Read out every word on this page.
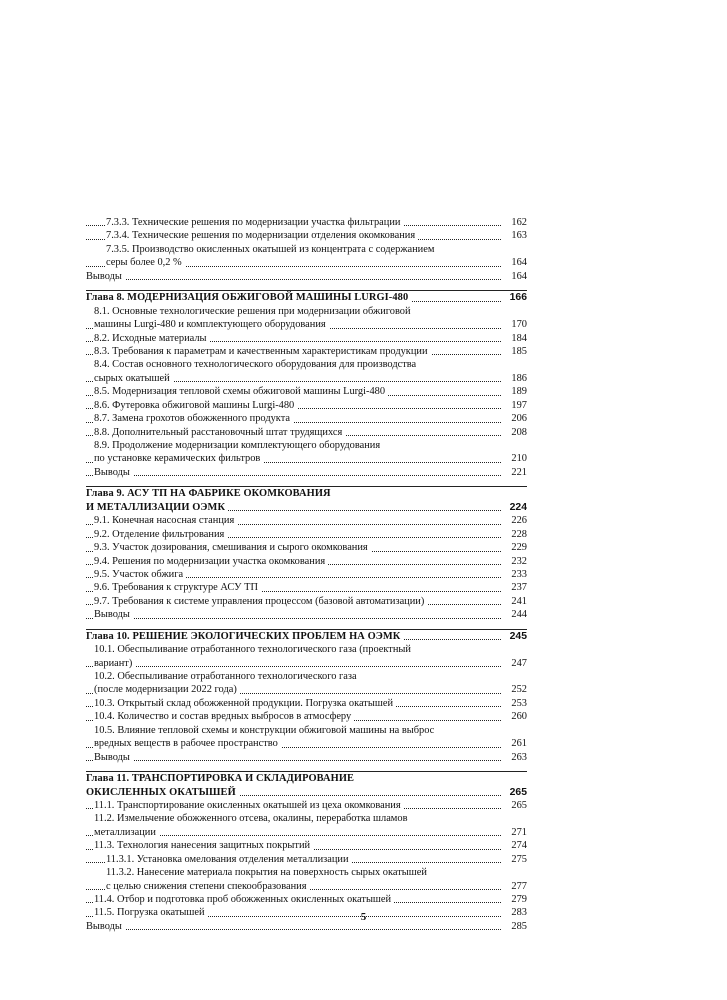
7.3.3. Технические решения по модернизации участка фильтрации	162
7.3.4. Технические решения по модернизации отделения окомкования	163
7.3.5. Производство окисленных окатышей из концентрата с содержанием
серы более 0,2 %	164
Выводы	164
Глава 8. МОДЕРНИЗАЦИЯ ОБЖИГОВОЙ МАШИНЫ LURGI-480	166
8.1. Основные технологические решения при модернизации обжиговой
машины Lurgi-480 и комплектующего оборудования	170
8.2. Исходные материалы	184
8.3. Требования к параметрам и качественным характеристикам продукции	185
8.4. Состав основного технологического оборудования для производства
сырых окатышей	186
8.5. Модернизация тепловой схемы обжиговой машины Lurgi-480	189
8.6. Футеровка обжиговой машины Lurgi-480	197
8.7. Замена грохотов обожженного продукта	206
8.8. Дополнительный расстановочный штат трудящихся	208
8.9. Продолжение модернизации комплектующего оборудования
по установке керамических фильтров	210
Выводы	221
Глава 9. АСУ ТП НА ФАБРИКЕ ОКОМКОВАНИЯ
И МЕТАЛЛИЗАЦИИ ОЭМК	224
9.1. Конечная насосная станция	226
9.2. Отделение фильтрования	228
9.3. Участок дозирования, смешивания и сырого окомкования	229
9.4. Решения по модернизации участка окомкования	232
9.5. Участок обжига	233
9.6. Требования к структуре АСУ ТП	237
9.7. Требования к системе управления процессом (базовой автоматизации)	241
Выводы	244
Глава 10. РЕШЕНИЕ ЭКОЛОГИЧЕСКИХ ПРОБЛЕМ НА ОЭМК	245
10.1. Обеспыливание отработанного технологического газа (проектный
вариант)	247
10.2. Обеспыливание отработанного технологического газа
(после модернизации 2022 года)	252
10.3. Открытый склад обожженной продукции. Погрузка окатышей	253
10.4. Количество и состав вредных выбросов в атмосферу	260
10.5. Влияние тепловой схемы и конструкции обжиговой машины на выброс
вредных веществ в рабочее пространство	261
Выводы	263
Глава 11. ТРАНСПОРТИРОВКА И СКЛАДИРОВАНИЕ
ОКИСЛЕННЫХ ОКАТЫШЕЙ	265
11.1. Транспортирование окисленных окатышей из цеха окомкования	265
11.2. Измельчение обожженного отсева, окалины, переработка шламов
металлизации	271
11.3. Технология нанесения защитных покрытий	274
11.3.1. Установка омелования отделения металлизации	275
11.3.2. Нанесение материала покрытия на поверхность сырых окатышей
с целью снижения степени спекообразования	277
11.4. Отбор и подготовка проб обожженных окисленных окатышей	279
11.5. Погрузка окатышей	283
Выводы	285
5
